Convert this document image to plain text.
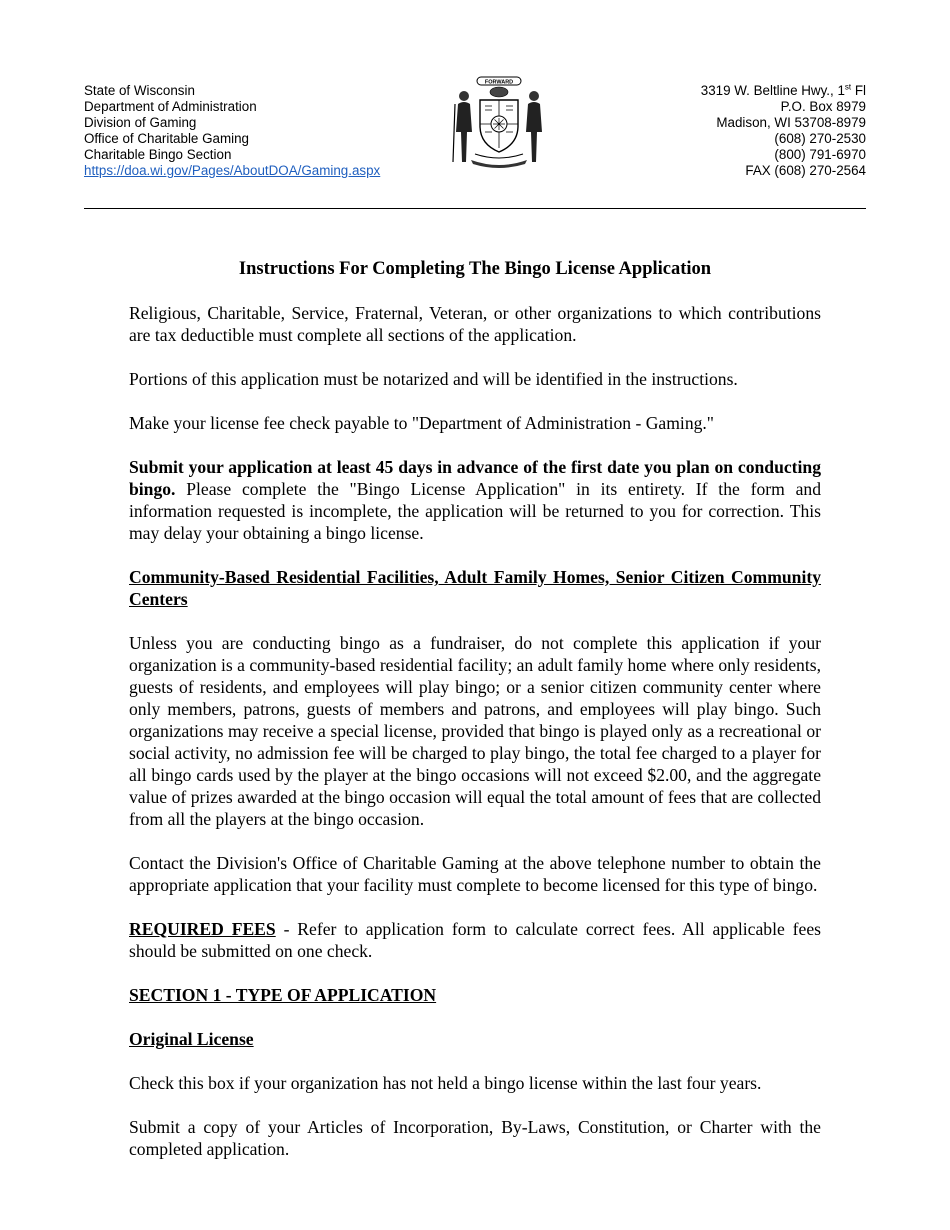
State of Wisconsin
Department of Administration
Division of Gaming
Office of Charitable Gaming
Charitable Bingo Section
https://doa.wi.gov/Pages/AboutDOA/Gaming.aspx
FORWARD
3319 W. Beltline Hwy., 1st Fl
P.O. Box 8979
Madison, WI 53708-8979
(608) 270-2530
(800) 791-6970
FAX (608) 270-2564

Instructions For Completing The Bingo License Application

Religious, Charitable, Service, Fraternal, Veteran, or other organizations to which contributions are tax deductible must complete all sections of the application.

Portions of this application must be notarized and will be identified in the instructions.

Make your license fee check payable to "Department of Administration - Gaming."

Submit your application at least 45 days in advance of the first date you plan on conducting bingo. Please complete the "Bingo License Application" in its entirety. If the form and information requested is incomplete, the application will be returned to you for correction. This may delay your obtaining a bingo license.

Community-Based Residential Facilities, Adult Family Homes, Senior Citizen Community Centers

Unless you are conducting bingo as a fundraiser, do not complete this application if your organization is a community-based residential facility; an adult family home where only residents, guests of residents, and employees will play bingo; or a senior citizen community center where only members, patrons, guests of members and patrons, and employees will play bingo. Such organizations may receive a special license, provided that bingo is played only as a recreational or social activity, no admission fee will be charged to play bingo, the total fee charged to a player for all bingo cards used by the player at the bingo occasions will not exceed $2.00, and the aggregate value of prizes awarded at the bingo occasion will equal the total amount of fees that are collected from all the players at the bingo occasion.

Contact the Division's Office of Charitable Gaming at the above telephone number to obtain the appropriate application that your facility must complete to become licensed for this type of bingo.

REQUIRED FEES - Refer to application form to calculate correct fees. All applicable fees should be submitted on one check.

SECTION 1 - TYPE OF APPLICATION

Original License

Check this box if your organization has not held a bingo license within the last four years.

Submit a copy of your Articles of Incorporation, By-Laws, Constitution, or Charter with the completed application.
